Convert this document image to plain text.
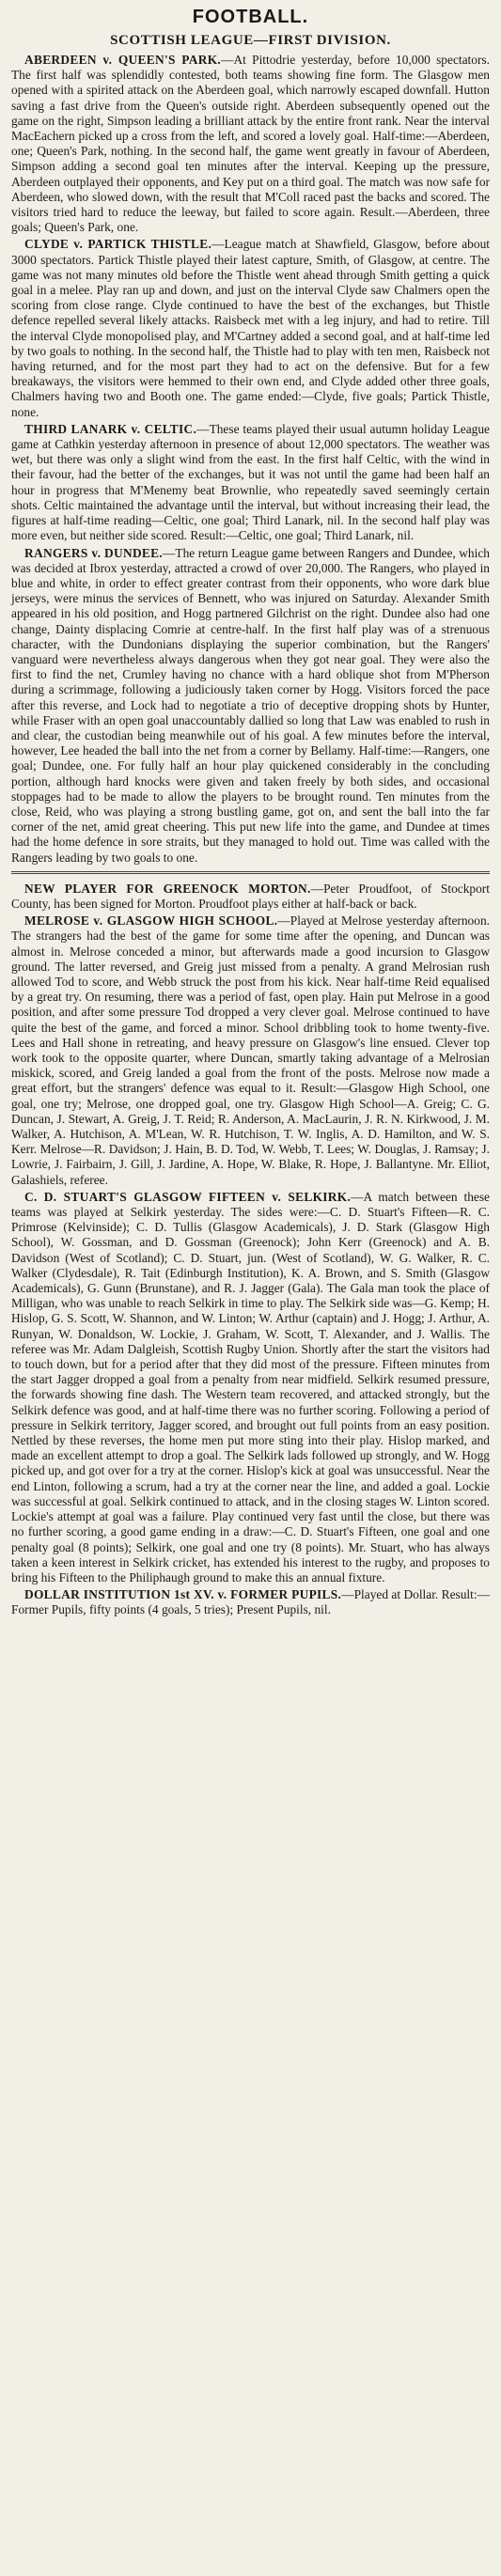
FOOTBALL.
SCOTTISH LEAGUE—FIRST DIVISION.

ABERDEEN v. QUEEN'S PARK.—At Pittodrie yesterday, before 10,000 spectators. The first half was splendidly contested, both teams showing fine form. The Glasgow men opened with a spirited attack on the Aberdeen goal, which narrowly escaped downfall. Hutton saving a fast drive from the Queen's outside right. Aberdeen subsequently opened out the game on the right, Simpson leading a brilliant attack by the entire front rank. Near the interval MacEachern picked up a cross from the left, and scored a lovely goal. Half-time:—Aberdeen, one; Queen's Park, nothing. In the second half, the game went greatly in favour of Aberdeen, Simpson adding a second goal ten minutes after the interval. Keeping up the pressure, Aberdeen outplayed their opponents, and Key put on a third goal. The match was now safe for Aberdeen, who slowed down, with the result that M'Coll raced past the backs and scored. The visitors tried hard to reduce the leeway, but failed to score again. Result.—Aberdeen, three goals; Queen's Park, one.

CLYDE v. PARTICK THISTLE.—League match at Shawfield, Glasgow, before about 3000 spectators. Partick Thistle played their latest capture, Smith, of Glasgow, at centre. The game was not many minutes old before the Thistle went ahead through Smith getting a quick goal in a melee. Play ran up and down, and just on the interval Clyde saw Chalmers open the scoring from close range. Clyde continued to have the best of the exchanges, but Thistle defence repelled several likely attacks. Raisbeck met with a leg injury, and had to retire. Till the interval Clyde monopolised play, and M'Cartney added a second goal, and at half-time led by two goals to nothing. In the second half, the Thistle had to play with ten men, Raisbeck not having returned, and for the most part they had to act on the defensive. But for a few breakaways, the visitors were hemmed to their own end, and Clyde added other three goals, Chalmers having two and Booth one. The game ended:—Clyde, five goals; Partick Thistle, none.

THIRD LANARK v. CELTIC.—These teams played their usual autumn holiday League game at Cathkin yesterday afternoon in presence of about 12,000 spectators. The weather was wet, but there was only a slight wind from the east. In the first half Celtic, with the wind in their favour, had the better of the exchanges, but it was not until the game had been half an hour in progress that M'Menemy beat Brownlie, who repeatedly saved seemingly certain shots. Celtic maintained the advantage until the interval, but without increasing their lead, the figures at half-time reading—Celtic, one goal; Third Lanark, nil. In the second half play was more even, but neither side scored. Result:—Celtic, one goal; Third Lanark, nil.

RANGERS v. DUNDEE.—The return League game between Rangers and Dundee, which was decided at Ibrox yesterday, attracted a crowd of over 20,000. The Rangers, who played in blue and white, in order to effect greater contrast from their opponents, who wore dark blue jerseys, were minus the services of Bennett, who was injured on Saturday. Alexander Smith appeared in his old position, and Hogg partnered Gilchrist on the right. Dundee also had one change, Dainty displacing Comrie at centre-half. In the first half play was of a strenuous character, with the Dundonians displaying the superior combination, but the Rangers' vanguard were nevertheless always dangerous when they got near goal. They were also the first to find the net, Crumley having no chance with a hard oblique shot from M'Pherson during a scrimmage, following a judiciously taken corner by Hogg. Visitors forced the pace after this reverse, and Lock had to negotiate a trio of deceptive dropping shots by Hunter, while Fraser with an open goal unaccountably dallied so long that Law was enabled to rush in and clear, the custodian being meanwhile out of his goal. A few minutes before the interval, however, Lee headed the ball into the net from a corner by Bellamy. Half-time:—Rangers, one goal; Dundee, one. For fully half an hour play quickened considerably in the concluding portion, although hard knocks were given and taken freely by both sides, and occasional stoppages had to be made to allow the players to be brought round. Ten minutes from the close, Reid, who was playing a strong bustling game, got on, and sent the ball into the far corner of the net, amid great cheering. This put new life into the game, and Dundee at times had the home defence in sore straits, but they managed to hold out. Time was called with the Rangers leading by two goals to one.

NEW PLAYER FOR GREENOCK MORTON.—Peter Proudfoot, of Stockport County, has been signed for Morton. Proudfoot plays either at half-back or back.

MELROSE v. GLASGOW HIGH SCHOOL.—Played at Melrose yesterday afternoon. The strangers had the best of the game for some time after the opening, and Duncan was almost in. Melrose conceded a minor, but afterwards made a good incursion to Glasgow ground. The latter reversed, and Greig just missed from a penalty. A grand Melrosian rush allowed Tod to score, and Webb struck the post from his kick. Near half-time Reid equalised by a great try. On resuming, there was a period of fast, open play. Hain put Melrose in a good position, and after some pressure Tod dropped a very clever goal. Melrose continued to have quite the best of the game, and forced a minor. School dribbling took to home twenty-five. Lees and Hall shone in retreating, and heavy pressure on Glasgow's line ensued. Clever top work took to the opposite quarter, where Duncan, smartly taking advantage of a Melrosian miskick, scored, and Greig landed a goal from the front of the posts. Melrose now made a great effort, but the strangers' defence was equal to it. Result:—Glasgow High School, one goal, one try; Melrose, one dropped goal, one try. Glasgow High School—A. Greig; C. G. Duncan, J. Stewart, A. Greig, J. T. Reid; R. Anderson, A. MacLaurin, J. R. N. Kirkwood, J. M. Walker, A. Hutchison, A. M'Lean, W. R. Hutchison, T. W. Inglis, A. D. Hamilton, and W. S. Kerr. Melrose—R. Davidson; J. Hain, B. D. Tod, W. Webb, T. Lees; W. Douglas, J. Ramsay; J. Lowrie, J. Fairbairn, J. Gill, J. Jardine, A. Hope, W. Blake, R. Hope, J. Ballantyne. Mr. Elliot, Galashiels, referee.

C. D. STUART'S GLASGOW FIFTEEN v. SELKIRK.—A match between these teams was played at Selkirk yesterday. The sides were:—C. D. Stuart's Fifteen—R. C. Primrose (Kelvinside); C. D. Tullis (Glasgow Academicals), J. D. Stark (Glasgow High School), W. Gossman, and D. Gossman (Greenock); John Kerr (Greenock) and A. B. Davidson (West of Scotland); C. D. Stuart, jun. (West of Scotland), W. G. Walker, R. C. Walker (Clydesdale), R. Tait (Edinburgh Institution), K. A. Brown, and S. Smith (Glasgow Academicals), G. Gunn (Brunstane), and R. J. Jagger (Gala). The Gala man took the place of Milligan, who was unable to reach Selkirk in time to play. The Selkirk side was—G. Kemp; H. Hislop, G. S. Scott, W. Shannon, and W. Linton; W. Arthur (captain) and J. Hogg; J. Arthur, A. Runyan, W. Donaldson, W. Lockie, J. Graham, W. Scott, T. Alexander, and J. Wallis. The referee was Mr. Adam Dalgleish, Scottish Rugby Union. Shortly after the start the visitors had to touch down, but for a period after that they did most of the pressure. Fifteen minutes from the start Jagger dropped a goal from a penalty from near midfield. Selkirk resumed pressure, the forwards showing fine dash. The Western team recovered, and attacked strongly, but the Selkirk defence was good, and at half-time there was no further scoring. Following a period of pressure in Selkirk territory, Jagger scored, and brought out full points from an easy position. Nettled by these reverses, the home men put more sting into their play. Hislop marked, and made an excellent attempt to drop a goal. The Selkirk lads followed up strongly, and W. Hogg picked up, and got over for a try at the corner. Hislop's kick at goal was unsuccessful. Near the end Linton, following a scrum, had a try at the corner near the line, and added a goal. Lockie was successful at goal. Selkirk continued to attack, and in the closing stages W. Linton scored. Lockie's attempt at goal was a failure. Play continued very fast until the close, but there was no further scoring, a good game ending in a draw:—C. D. Stuart's Fifteen, one goal and one penalty goal (8 points); Selkirk, one goal and one try (8 points). Mr. Stuart, who has always taken a keen interest in Selkirk cricket, has extended his interest to the rugby, and proposes to bring his Fifteen to the Philiphaugh ground to make this an annual fixture.

DOLLAR INSTITUTION 1st XV. v. FORMER PUPILS.—Played at Dollar. Result:—Former Pupils, fifty points (4 goals, 5 tries); Present Pupils, nil.
